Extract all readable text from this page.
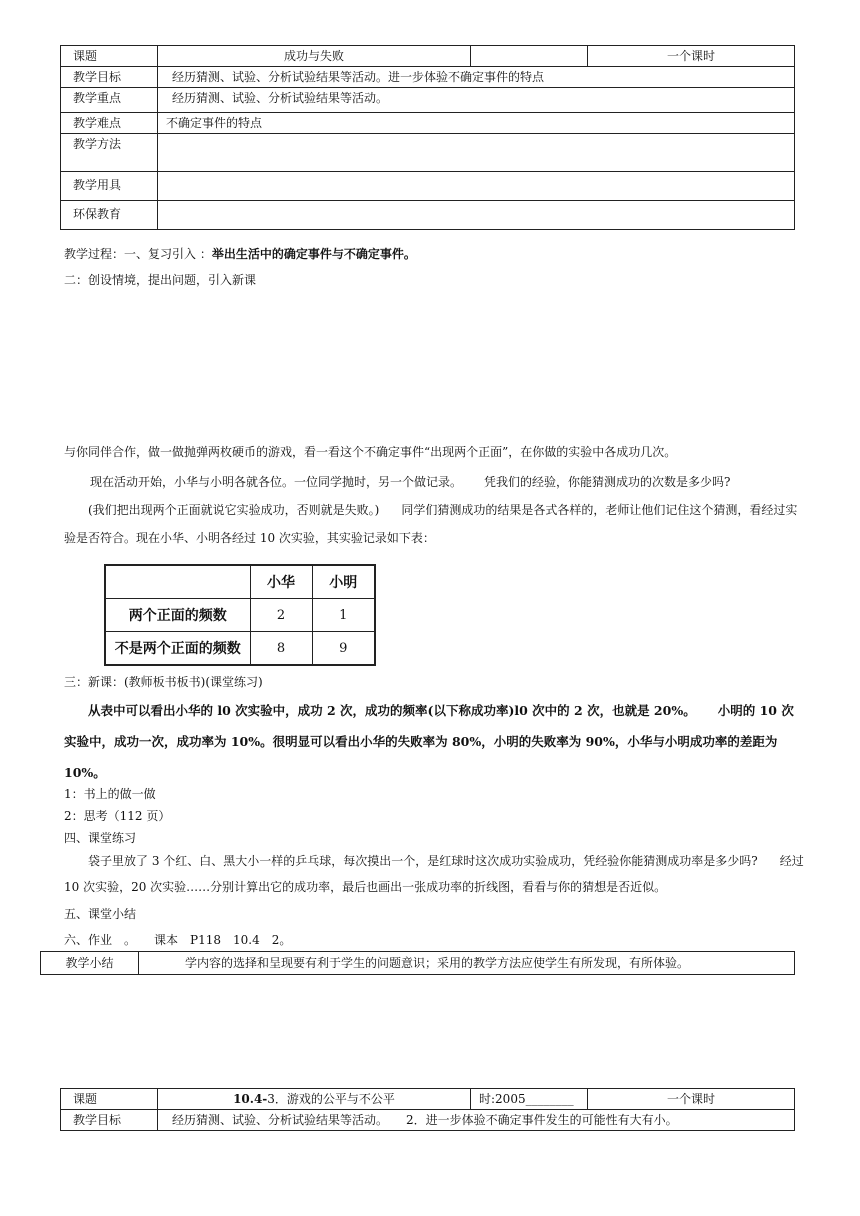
课题	成功与失败		一个课时
教学目标	经历猜测、试验、分析试验结果等活动。进一步体验不确定事件的特点		
教学重点	经历猜测、试验、分析试验结果等活动。		
教学难点	不确定事件的特点		
教学方法			
教学用具			
环保教育			
教学过程：一、复习引入 ：举出生活中的确定事件与不确定事件。
二：创设情境，提出问题，引入新课
与你同伴合作，做一做抛弹两枚硬币的游戏，看一看这个不确定事件“出现两个正面”，在你做的实验中各成功几次。
现在活动开始，小华与小明各就各位。一位同学抛时，另一个做记录。 凭我们的经验，你能猜测成功的次数是多少吗?
(我们把出现两个正面就说它实验成功，否则就是失败。) 同学们猜测成功的结果是各式各样的，老师让他们记住这个猜测，看经过实验是否符合。现在小华、小明各经过 10 次实验，其实验记录如下表：
	小华	小明
两个正面的频数	2	1
不是两个正面的频数	8	9
三：新课：(教师板书板书)(课堂练习)
从表中可以看出小华的 l0 次实验中，成功 2 次，成功的频率(以下称成功率)l0 次中的 2 次，也就是 20%。 小明的 10 次实验中，成功一次，成功率为 10%。很明显可以看出小华的失败率为 80%，小明的失败率为 90%，小华与小明成功率的差距为 10%。
1：书上的做一做
2：思考（112 页）
四、课堂练习
袋子里放了 3 个红、白、黑大小一样的乒乓球，每次摸出一个，是红球时这次成功实验成功，凭经验你能猜测成功率是多少吗? 经过 10 次实验，20 次实验……分别计算出它的成功率，最后也画出一张成功率的折线图，看看与你的猜想是否近似。
五、课堂小结
六、作业　。　　课本　P118　10.4　2。
教学小结	学内容的选择和呈现要有利于学生的问题意识；采用的教学方法应使学生有所发现，有所体验。
课题	10.4-3．游戏的公平与不公平	时:2005________	一个课时
教学目标	经历猜测、试验、分析试验结果等活动。　　2．进一步体验不确定事件发生的可能性有大有小。		
